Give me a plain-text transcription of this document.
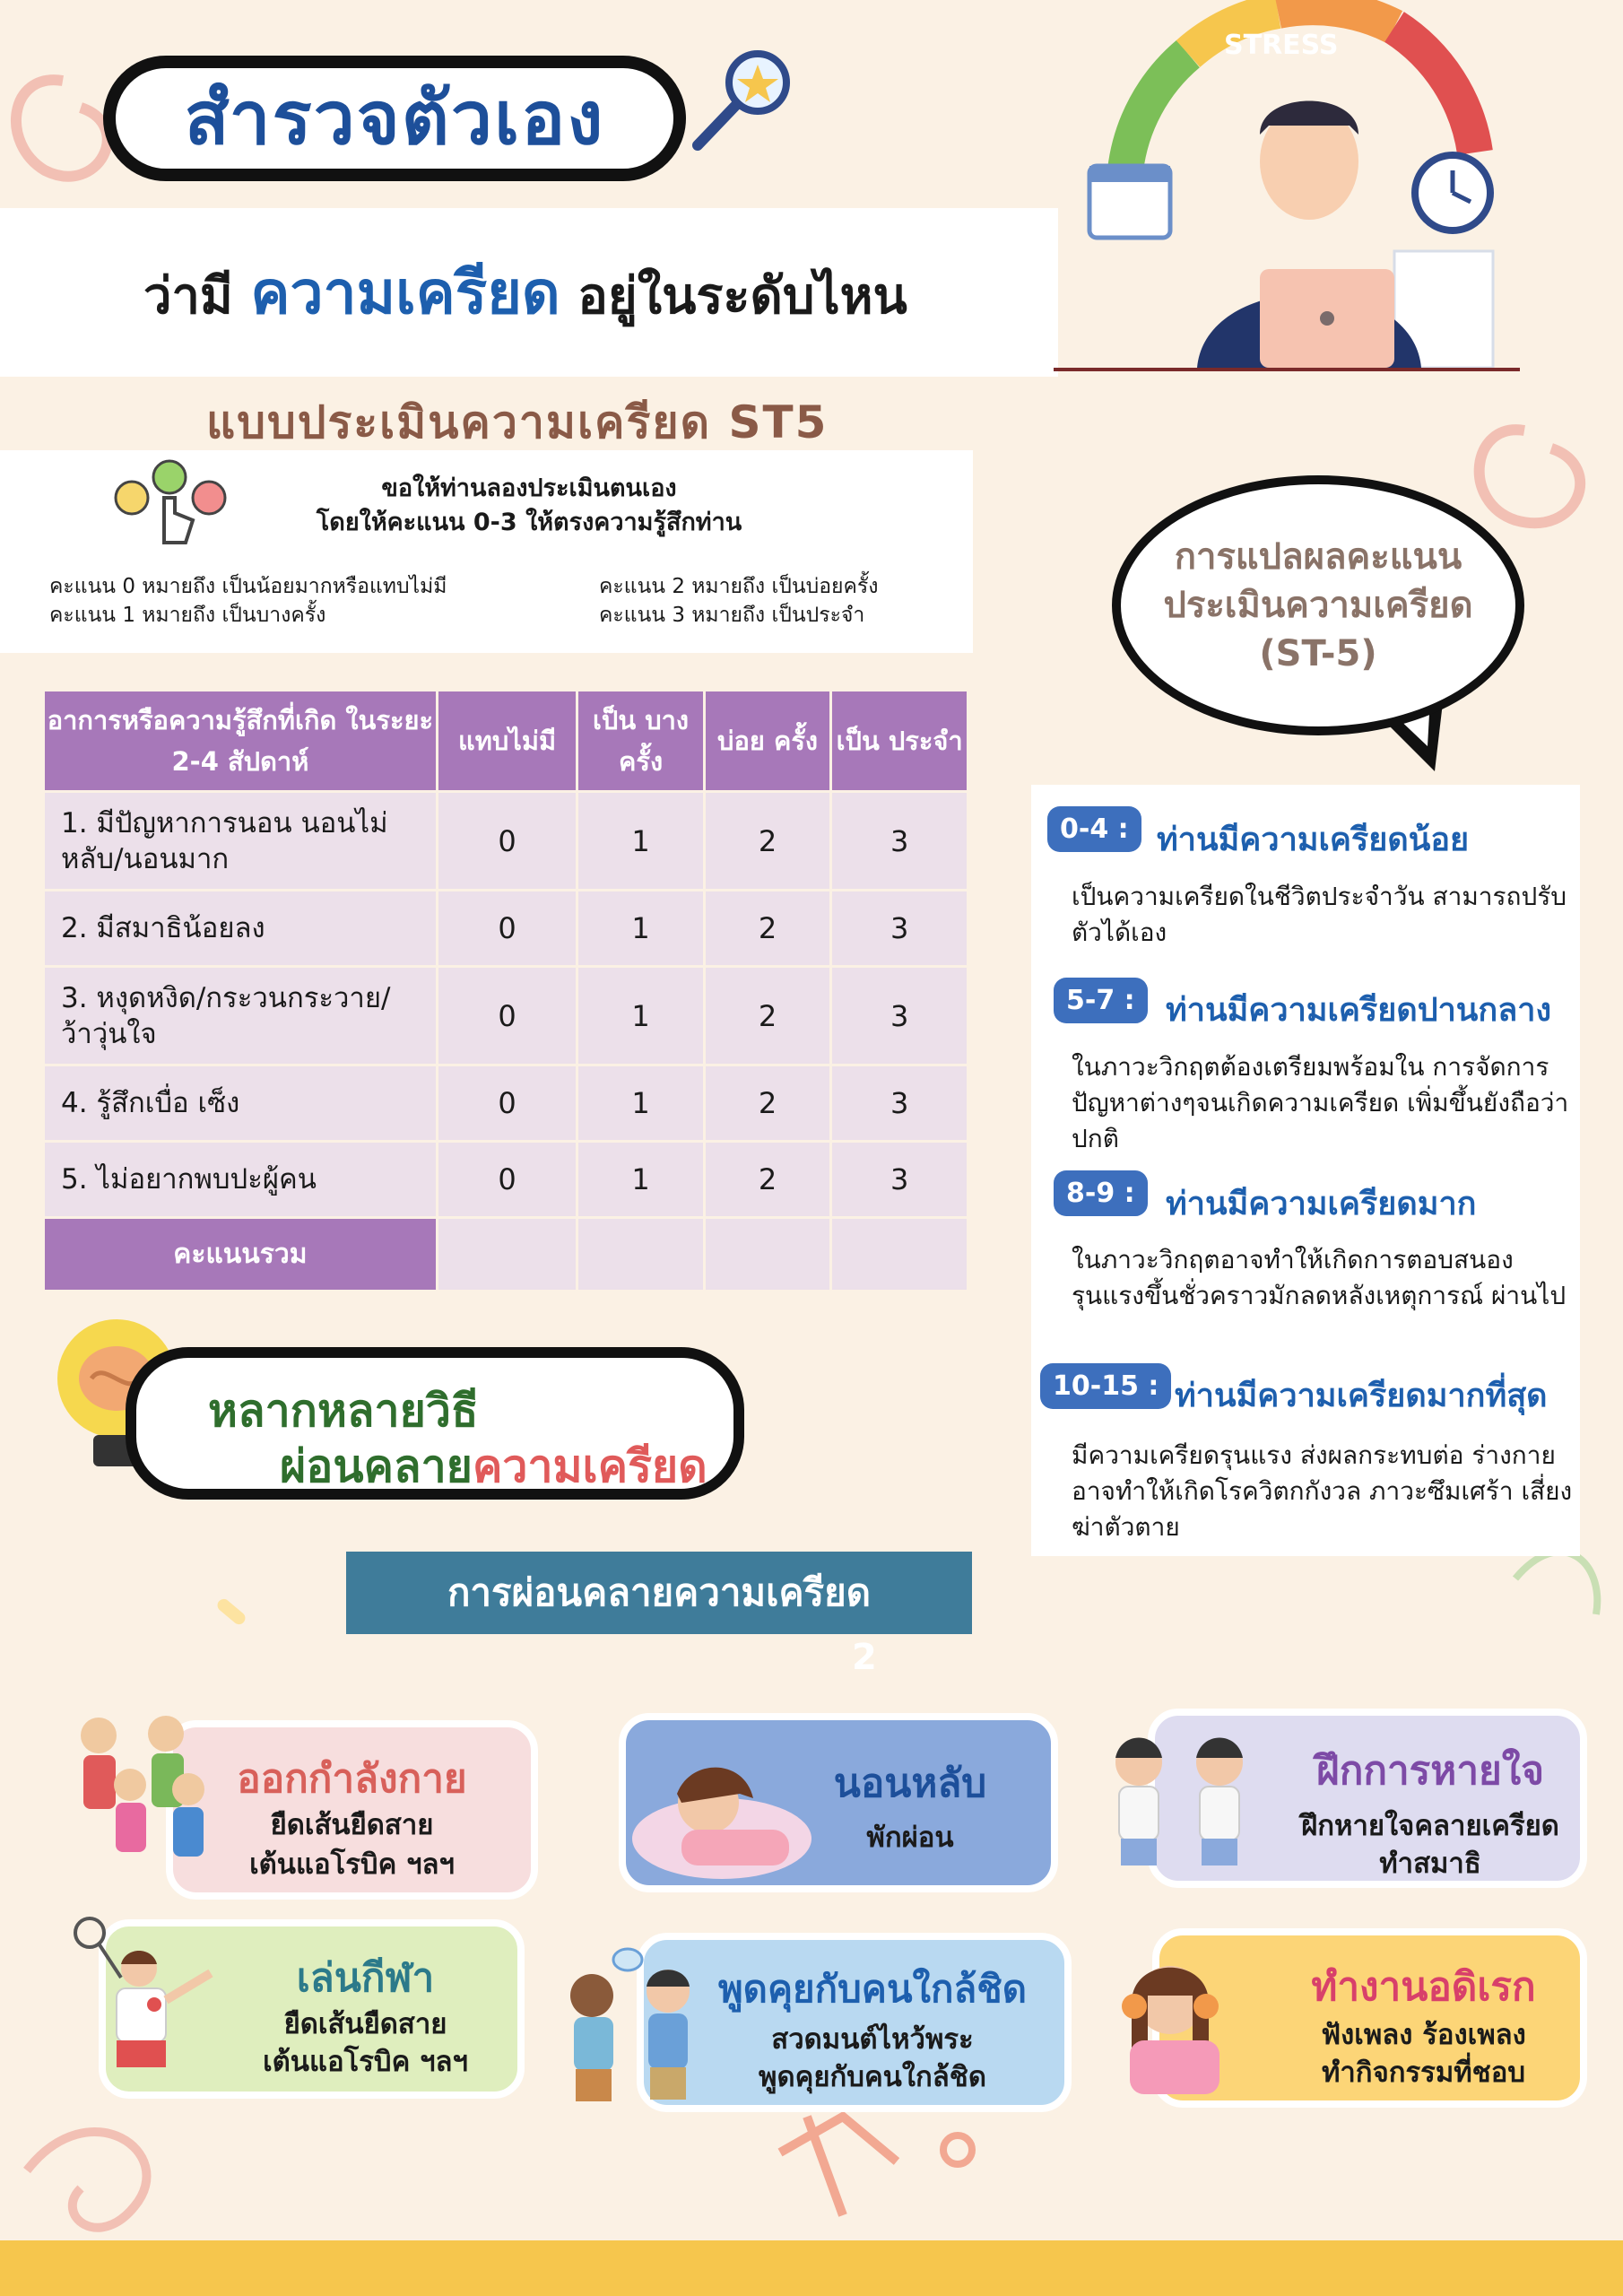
สำรวจตัวเอง
ว่ามี ความเครียด อยู่ในระดับไหน
STRESS
แบบประเมินความเครียด ST5
ขอให้ท่านลองประเมินตนเอง
โดยให้คะแนน 0-3 ให้ตรงความรู้สึกท่าน
คะแนน 0 หมายถึง เป็นน้อยมากหรือแทบไม่มี
คะแนน 1 หมายถึง เป็นบางครั้ง
คะแนน 2 หมายถึง เป็นบ่อยครั้ง
คะแนน 3 หมายถึง เป็นประจำ
อาการหรือความรู้สึกที่เกิด ในระยะ 2-4 สัปดาห์	แทบไม่มี	เป็น บางครั้ง	บ่อย ครั้ง	เป็น ประจำ
1. มีปัญหาการนอน นอนไม่หลับ/นอนมาก	0	1	2	3
2. มีสมาธิน้อยลง	0	1	2	3
3. หงุดหงิด/กระวนกระวาย/ ว้าวุ่นใจ	0	1	2	3
4. รู้สึกเบื่อ เซ็ง	0	1	2	3
5. ไม่อยากพบปะผู้คน	0	1	2	3
คะแนนรวม				
การแปลผลคะแนน
ประเมินความเครียด
(ST-5)
0-4 : ท่านมีความเครียดน้อย
เป็นความเครียดในชีวิตประจำวัน สามารถปรับตัวได้เอง
5-7 : ท่านมีความเครียดปานกลาง
ในภาวะวิกฤตต้องเตรียมพร้อมใน การจัดการปัญหาต่างๆจนเกิดความเครียด เพิ่มขึ้นยังถือว่าปกติ
8-9 : ท่านมีความเครียดมาก
ในภาวะวิกฤตอาจทำให้เกิดการตอบสนอง รุนแรงขึ้นชั่วคราวมักลดหลังเหตุการณ์ ผ่านไป
10-15 : ท่านมีความเครียดมากที่สุด
มีความเครียดรุนแรง ส่งผลกระทบต่อ ร่างกายอาจทำให้เกิดโรควิตกกังวล ภาวะซึมเศร้า เสี่ยงฆ่าตัวตาย
หลากหลายวิธี
ผ่อนคลายความเครียด
การผ่อนคลายความเครียด
2
ออกกำลังกาย
ยืดเส้นยืดสาย
เต้นแอโรบิค ฯลฯ
นอนหลับ
พักผ่อน
ฝึกการหายใจ
ฝึกหายใจคลายเครียด
ทำสมาธิ
เล่นกีฬา
ยืดเส้นยืดสาย
เต้นแอโรบิค ฯลฯ
พูดคุยกับคนใกล้ชิด
สวดมนต์ไหว้พระ
พูดคุยกับคนใกล้ชิด
ทำงานอดิเรก
ฟังเพลง ร้องเพลง
ทำกิจกรรมที่ชอบ
